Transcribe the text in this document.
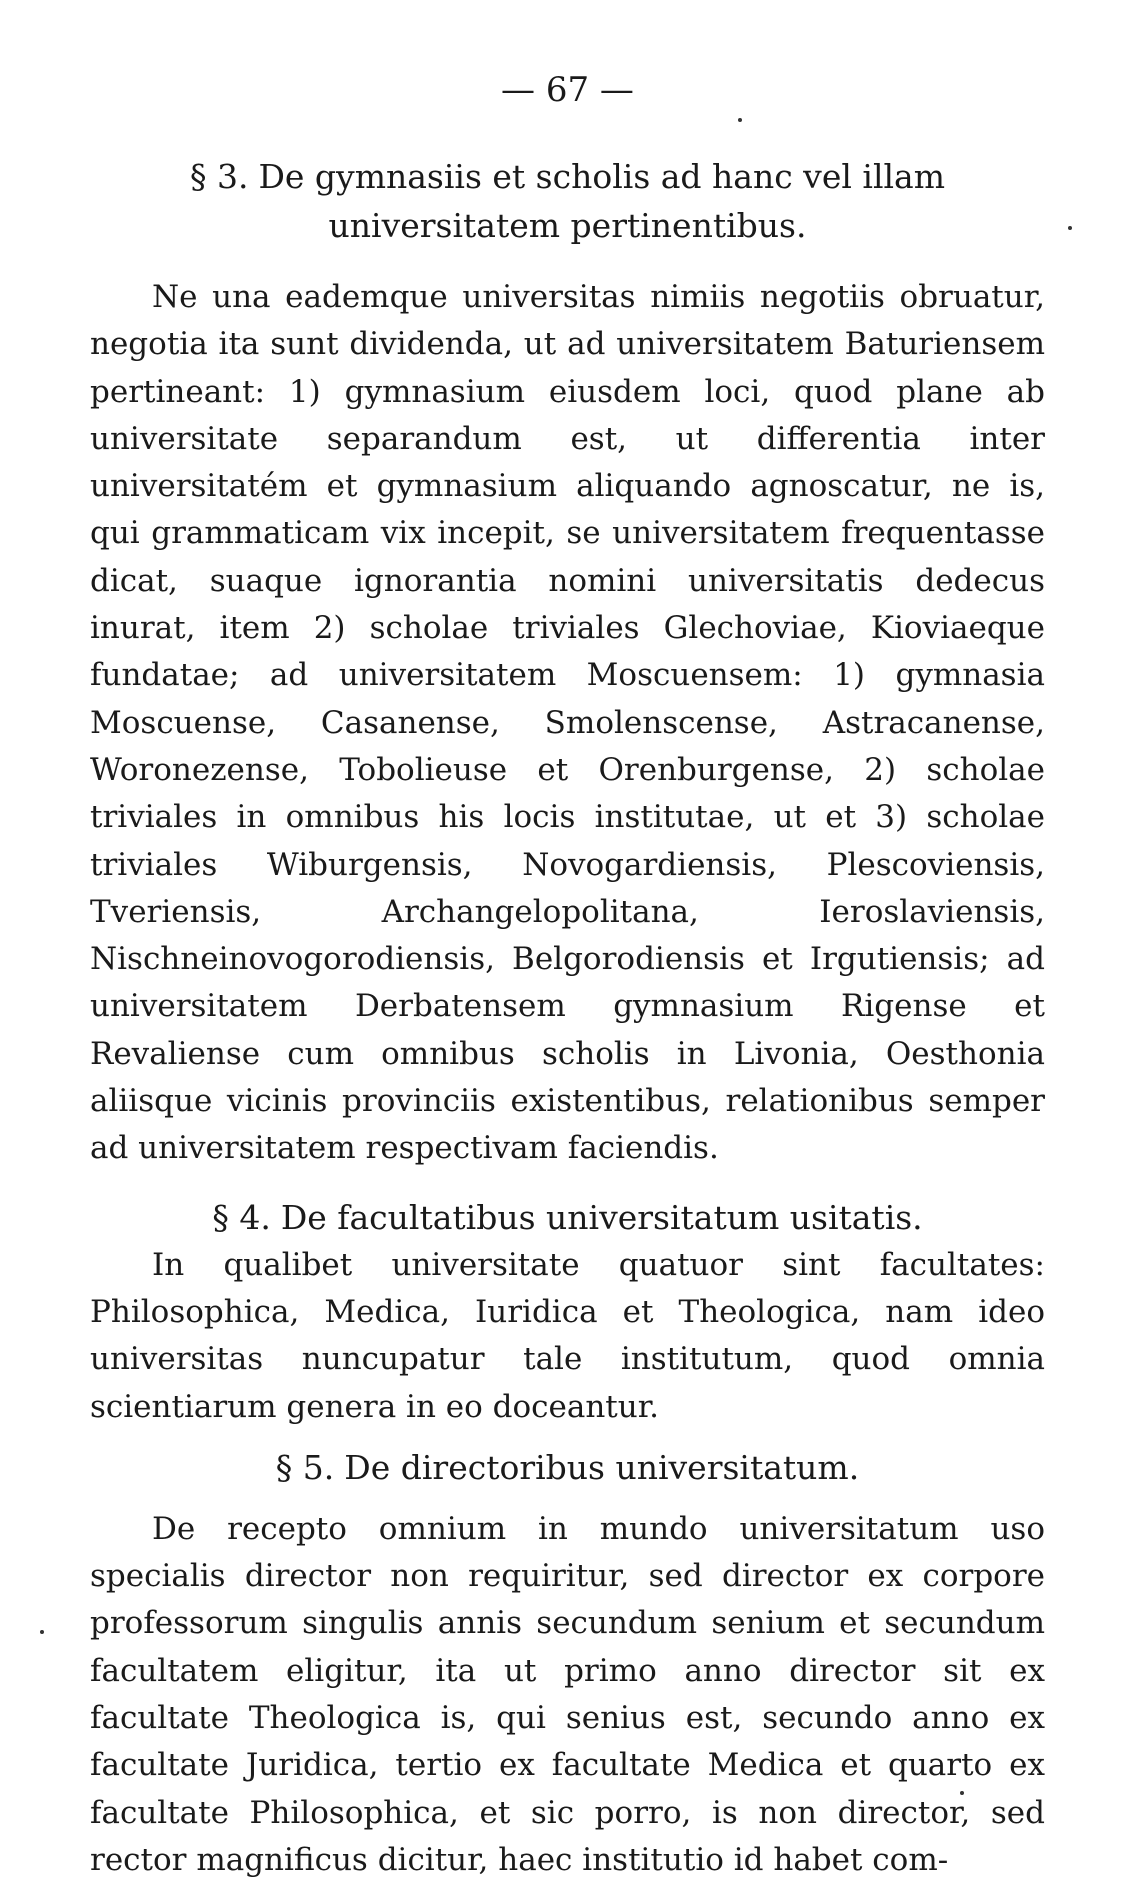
— 67 —
§ 3. De gymnasiis et scholis ad hanc vel illam universitatem pertinentibus.

Ne una eademque universitas nimiis negotiis obruatur, negotia ita sunt dividenda, ut ad universitatem Baturiensem pertineant: 1) gymnasium eiusdem loci, quod plane ab universitate separandum est, ut differentia inter universitatém et gymnasium aliquando agnoscatur, ne is, qui grammaticam vix incepit, se universitatem frequentasse dicat, suaque ignorantia nomini universitatis dedecus inurat, item 2) scholae triviales Glechoviae, Kioviaeque fundatae; ad universitatem Moscuensem: 1) gymnasia Moscuense, Casanense, Smolenscense, Astracanense, Woronezense, Tobolieuse et Orenburgense, 2) scholae triviales in omnibus his locis institutae, ut et 3) scholae triviales Wiburgensis, Novogardiensis, Plescoviensis, Tveriensis, Archangelopolitana, Ieroslaviensis, Nischneinovogorodiensis, Belgorodiensis et Irgutiensis; ad universitatem Derbatensem gymnasium Rigense et Revaliense cum omnibus scholis in Livonia, Oesthonia aliisque vicinis provinciis existentibus, relationibus semper ad universitatem respectivam faciendis.

§ 4. De facultatibus universitatum usitatis.

In qualibet universitate quatuor sint facultates: Philosophica, Medica, Iuridica et Theologica, nam ideo universitas nuncupatur tale institutum, quod omnia scientiarum genera in eo doceantur.

§ 5. De directoribus universitatum.

De recepto omnium in mundo universitatum uso specialis director non requiritur, sed director ex corpore professorum singulis annis secundum senium et secundum facultatem eligitur, ita ut primo anno director sit ex facultate Theologica is, qui senius est, secundo anno ex facultate Juridica, tertio ex facultate Medica et quarto ex facultate Philosophica, et sic porro, is non director, sed rector magnificus dicitur, haec institutio id habet com-
